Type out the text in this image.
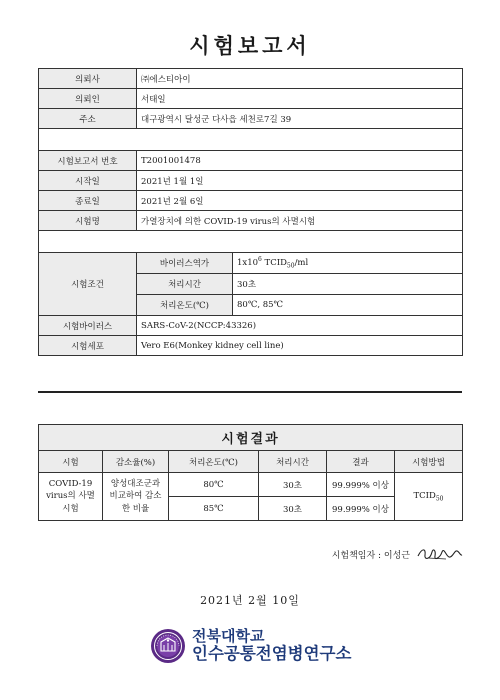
시험보고서
의뢰사	㈜에스티아이	
의뢰인	서태일	
주소	대구광역시 달성군 다사읍 세천로7길 39	

시험보고서 번호	T2001001478	
시작일	2021년 1월 1일	
종료일	2021년 2월 6일	
시험명	가열장치에 의한 COVID-19 virus의 사멸시험	

시험조건	바이러스역가	$1x10^6$ $TCID_{50}/ml$
	처리시간	30초
	처리온도(℃)	80℃, 85℃
시험바이러스	SARS-CoV-2(NCCP:43326)	
시험세포	Vero E6(Monkey kidney cell line)	
시험결과					
시험	감소율(%)	처리온도(℃)	처리시간	결과	시험방법
COVID-19 virus의 사멸시험	양성대조군과 비교하여 감소한 비율	80℃	30초	99.999% 이상	$TCID_{50}$
		85℃	30초	99.999% 이상	
시험책임자 : 이성근
2021년 2월 10일
전북대학교
인수공통전염병연구소
